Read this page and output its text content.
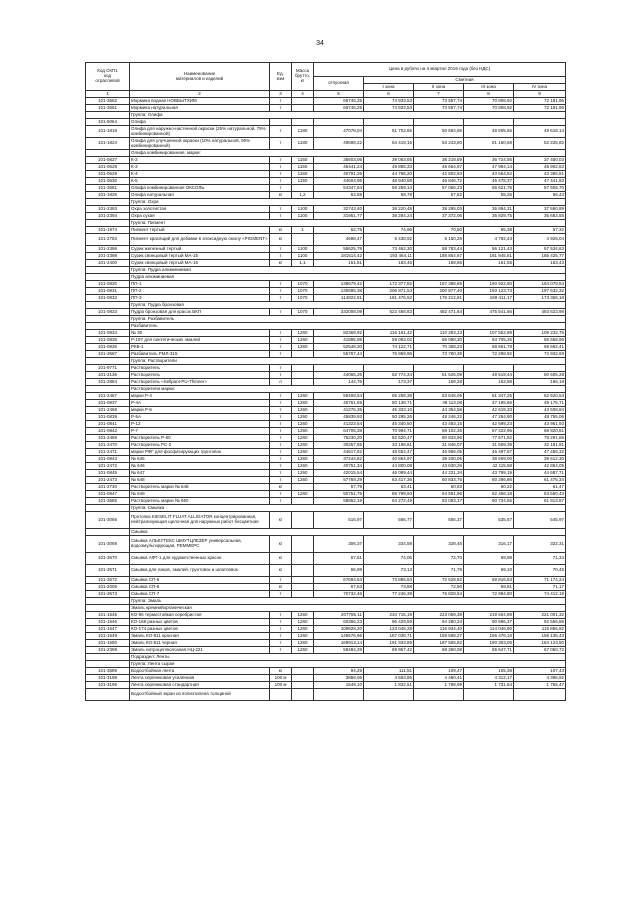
34
Код СКП1
код
отраслевой	Наименование
материалов и изделий	Ед.
изм	Масса
брутто,
кг	Цена в рублях на II квартал 2016 года (без НДС)				
				отпускная	Сметная			
					I зона	II зона	III зона	IV зона
1	2	3	4	5	6	7	8	9
101-3562	Мормика водная НОВБЫТХИМ	т		66745,25	74 933,53	73 557,74	70 808,92	72 181,96
101-3561	Мормика натуральная	т		66745,25	74 933,53	73 557,74	70 808,92	72 181,96
	Группа: Олифа							
101-5064	Олифа							
101-1819	Олифа для наружно-настенной окраски (25% натуральной, 75% комбинированной)	т	1180	47078,04	51 702,66	50 584,65	48 605,65	49 618,14
101-1824	Олифа для улучшенной окраски (10% натуральной, 90% комбинированной)	т	1180	49598,22	54 419,16	53 243,60	51 160,68	52 226,82
	Олифа комбинированная, марки:							
101-0627	К-2	т	1150	35603,06	39 063,65	38 218,69	36 724,56	37 450,03
101-0628	К-3	т	1150	45441,24	49 855,33	48 654,67	47 994,14	48 902,63
101-0629	К-4	т	1150	40791,26	44 766,20	42 802,83	43 554,52	43 385,61
101-0630	К-5	т	1150	44604,96	48 940,58	46 846,72	45 478,37	47 441,83
101-3581	Олифа комбинированная ОКСОЛЬ	т		54347,64	59 259,14	57 066,23	55 621,76	57 606,70
101-1825	Олифа натуральная	кг	1,2	53,59	58,78	57,52	55,26	56,43
	Группа: Охра							
101-2393	Охра золотистая	т	1100	32743,40	36 220,48	38 295,03	36 894,31	37 590,89
101-2394	Охра сухая	т	1100	31951,77	38 284,24	37 372,06	35 829,75	35 683,55
	Группа: Пигмент							
101-1974	Пигмент тертый	кг	1	62,75	74,96	70,50	65,38	67,32
101-2783	Пигмент красящий для добавки в эпоксидную смолу «PIGMENT»	кг		4698,47	5 438,92	5 150,28	4 792,43	4 925,04
101-2396	Сурик железный тертый	т	1100	58625,78	73 462,30	58 783,44	56 121,43	57 534,63
101-2398	Сурик свинцовый тертый МА-15	т	1100	181514,42	193 464,11	188 854,67	181 945,81	185 425,77
101-2400	Сурик свинцовый тертый МА-15	кг	1,1	161,51	183,46	168,65	161,55	163,43
	Группа: Пудра алюминиевая							
	Пудра алюминиевая							
101-0830	ПП-1	т	1070	138679,42	172 377,82	167 388,65	160 922,80	164 079,64
101-0831	ПП-2	т	1070	130685,38	206 871,53	200 877,40	193 123,73	197 632,32
101-0832	ПП-3	т	1070	114822,81	181 476,52	176 212,81	169 411,17	173 366,18
	Группа: Пудра бронзовая							
101-0833	Пудра бронзовая для красок БКП	т	1070	332008,09	522 468,83	482 471,64	475 541,66	483 623,98
	Группа: Разбавитель							
	Разбавитель							
101-0834	№ 30	т	1260	82369,92	116 161,42	110 293,23	107 552,89	109 232,76
101-0835	Р-197 для синтетических эмалей	т	1260	41895,98	59 083,02	56 098,30	54 705,25	55 558,96
101-0836	РКБ-1	т	1260	52548,30	74 122,71	70 358,23	68 661,78	69 682,41
101-3587	Разбавитель РМЛ-315	т		55767,44	76 959,96	73 780,35	72 298,92	72 932,69
	Группа: Растворители							
101-9771	Растворитель	т						
101-2136	Растворитель	т		44065,26	52 774,34	51 526,09	49 519,44	50 505,28
101-2884	Растворитель «Sellpant-PU-Thinner»	л		144,76	173,37	169,28	162,68	166,18
	Растворители марки:							
101-2467	марки Р-4	т	1260	59408,54	65 258,38	63 645,06	61 347,25	62 620,53
101-0837	Р-4А	т	1260	45761,69	50 138,71	48 113,08	47 195,66	49 175,71
101-2468	марки Р-5	т	1260	41276,35	45 333,10	44 354,58	42 619,33	43 508,84
101-0839	Р-5А	т	1260	45839,93	50 295,26	48 246,22	47 264,90	48 755,06
101-0841	Р-12	т	1260	41323,54	45 340,50	43 483,15	42 599,23	43 951,93
101-0842	Р-7	т	1260	64705,38	70 994,71	68 102,35	67 422,95	68 820,61
101-2469	Растворитель Р-60	т	1260	75230,20	82 620,47	80 833,96	77 671,52	79 291,65
101-2470	Растворитель РС-2	т	1260	30257,55	33 198,81	31 846,07	31 509,39	32 181,91
101-2471	марки РФГ для фосфатирующих грунтовок	т	1260	44617,62	48 654,47	46 966,05	46 497,67	47 455,32
101-0843	№ 645	т	1260	37244,82	40 864,97	39 200,05	38 609,00	39 612,30
101-2472	№ 646	т	1260	40751,34	44 800,08	43 630,26	42 115,58	42 864,05
101-0845	№ 647	т	1260	42015,54	46 099,44	44 221,34	43 789,19	44 687,71
101-2473	№ 648	т	1260	57769,29	63 417,36	60 833,75	60 286,86	61 475,34
101-2730	Растворитель марки № 648	кг		57,79	63,41	60,83	60,22	61,47
101-0847	№ 649	т	1260	50751,75	55 799,93	54 591,96	52 456,18	53 550,43
101-3586	Растворитель марки № 650	т		58852,19	64 272,49	63 093,17	60 734,55	61 913,87
	Группа: Смывка							
101-3066	Протопка KIESELIT FLUAT ALLIGATOR концентрированная, нейтрализующая щелочная для наружных работ бесцветная	кг		516,97	566,77	556,37	535,57	545,97
	Смывка							
101-3069	Смывка АЛЬКУТЕКС ШМУТЦЛЕЗЕР универсальная, водоэмульгирующая, РЕММЕРС	кг		306,37	334,59	328,45	316,17	322,31
101-3570	Смывка АФТ-1 для художественных красок	кг		67,61	74,06	72,70	69,98	71,34
101-3571	Смывка для лаков, эмалей, грунтовок и шпатлевок	кг		66,99	73,13	71,79	69,10	70,45
101-3572	Смывка СП-6	т		67694,63	73 885,63	72 528,92	69 816,53	71 174,24
101-2005	Смывка СП-6	кг		67,63	73,88	72,50	69,81	71,17
101-3573	Смывка СП-7	т		70732,46	77 246,38	75 828,54	72 994,80	74 412,19
	Группа: Эмаль							
	Эмаль кремнийорганическая							
101-1545	КО-86 термостойкая серебристая	т	1260	207786,11	234 715,19	223 059,38	219 604,89	221 001,32
101-1546	КО-168 разных цветов	т	1260	60366,23	96 429,59	94 280,34	90 596,37	92 556,86
101-1547	КО-174 разных цветов	т	1260	109928,20	123 045,28	116 934,40	114 046,90	115 856,92
101-1549	Эмаль КО-811 красная	т	1260	149676,96	167 038,71	159 598,27	156 476,16	158 135,43
101-1550	Эмаль КО-811 черная	т	1260	169913,14	191 933,89	187 555,82	180 303,05	184 123,50
101-2399	Эмаль нитроцеллюлозная НЦ-221	т	1250	58484,29	69 957,42	68 260,08	65 647,71	67 050,72
	Подраздел: Ленты							
	Группа: Лента сырая							
101-3589	Водоотбойная лента	кг		94,29	111,51	109,47	105,38	107,43
101-3198	Лента серпянковая усиленная	100 м		3858,06	4 583,86	4 460,41	4 312,17	4 396,92
101-3196	Лента серпянковая стандартная	100 м		1549,10	1 832,51	1 798,99	1 731,64	1 765,47
	Водоотбойный экран из полиэтилена толщиной							
